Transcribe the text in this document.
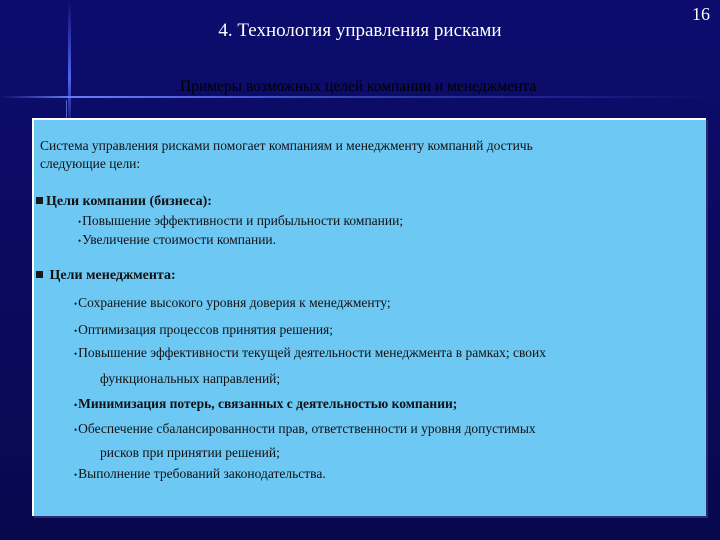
4. Технология управления рисками
16
Примеры возможных целей компании и менеджмента
Система управления рисками помогает компаниям и менеджменту компаний достичь
следующие цели:
Цели компании (бизнеса):
•Повышение эффективности и прибыльности компании;
•Увеличение стоимости компании.
Цели менеджмента:
•Сохранение высокого уровня доверия к менеджменту;
•Оптимизация процессов принятия решения;
•Повышение эффективности текущей деятельности менеджмента в рамках; своих
функциональных направлений;
•Минимизация потерь, связанных с деятельностью компании;
•Обеспечение сбалансированности прав, ответственности и уровня допустимых
рисков при принятии решений;
•Выполнение требований законодательства.
